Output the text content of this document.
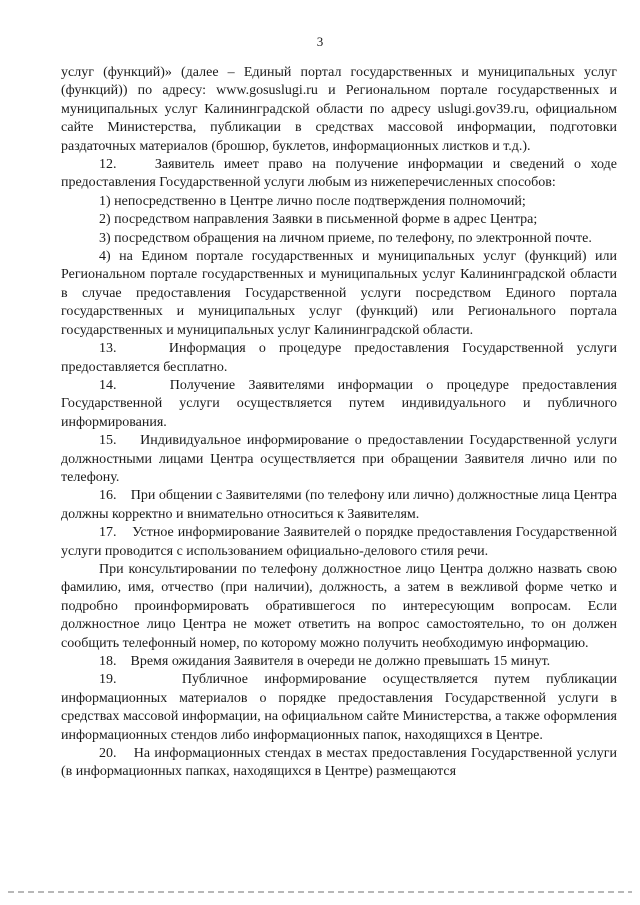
3

услуг (функций)» (далее – Единый портал государственных и муниципальных услуг (функций)) по адресу: www.gosuslugi.ru и Региональном портале государственных и муниципальных услуг Калининградской области по адресу uslugi.gov39.ru, официальном сайте Министерства, публикации в средствах массовой информации, подготовки раздаточных материалов (брошюр, буклетов, информационных листков и т.д.).

12.    Заявитель имеет право на получение информации и сведений о ходе предоставления Государственной услуги любым из нижеперечисленных способов:

1) непосредственно в Центре лично после подтверждения полномочий;

2) посредством направления Заявки в письменной форме в адрес Центра;

3) посредством обращения на личном приеме, по телефону, по электронной почте.

4) на Едином портале государственных и муниципальных услуг (функций) или Региональном портале государственных и муниципальных услуг Калининградской области в случае предоставления Государственной услуги посредством Единого портала государственных и муниципальных услуг (функций) или Регионального портала государственных и муниципальных услуг Калининградской области.

13.    Информация о процедуре предоставления Государственной услуги предоставляется бесплатно.

14.    Получение Заявителями информации о процедуре предоставления Государственной услуги осуществляется путем индивидуального и публичного информирования.

15.    Индивидуальное информирование о предоставлении Государственной услуги должностными лицами Центра осуществляется при обращении Заявителя лично или по телефону.

16.    При общении с Заявителями (по телефону или лично) должностные лица Центра должны корректно и внимательно относиться к Заявителям.

17.    Устное информирование Заявителей о порядке предоставления Государственной услуги проводится с использованием официально-делового стиля речи.

При консультировании по телефону должностное лицо Центра должно назвать свою фамилию, имя, отчество (при наличии), должность, а затем в вежливой форме четко и подробно проинформировать обратившегося по интересующим вопросам. Если должностное лицо Центра не может ответить на вопрос самостоятельно, то он должен сообщить телефонный номер, по которому можно получить необходимую информацию.

18.    Время ожидания Заявителя в очереди не должно превышать 15 минут.

19.    Публичное информирование осуществляется путем публикации информационных материалов о порядке предоставления Государственной услуги в средствах массовой информации, на официальном сайте Министерства, а также оформления информационных стендов либо информационных папок, находящихся в Центре.

20.    На информационных стендах в местах предоставления Государственной услуги (в информационных папках, находящихся в Центре) размещаются
